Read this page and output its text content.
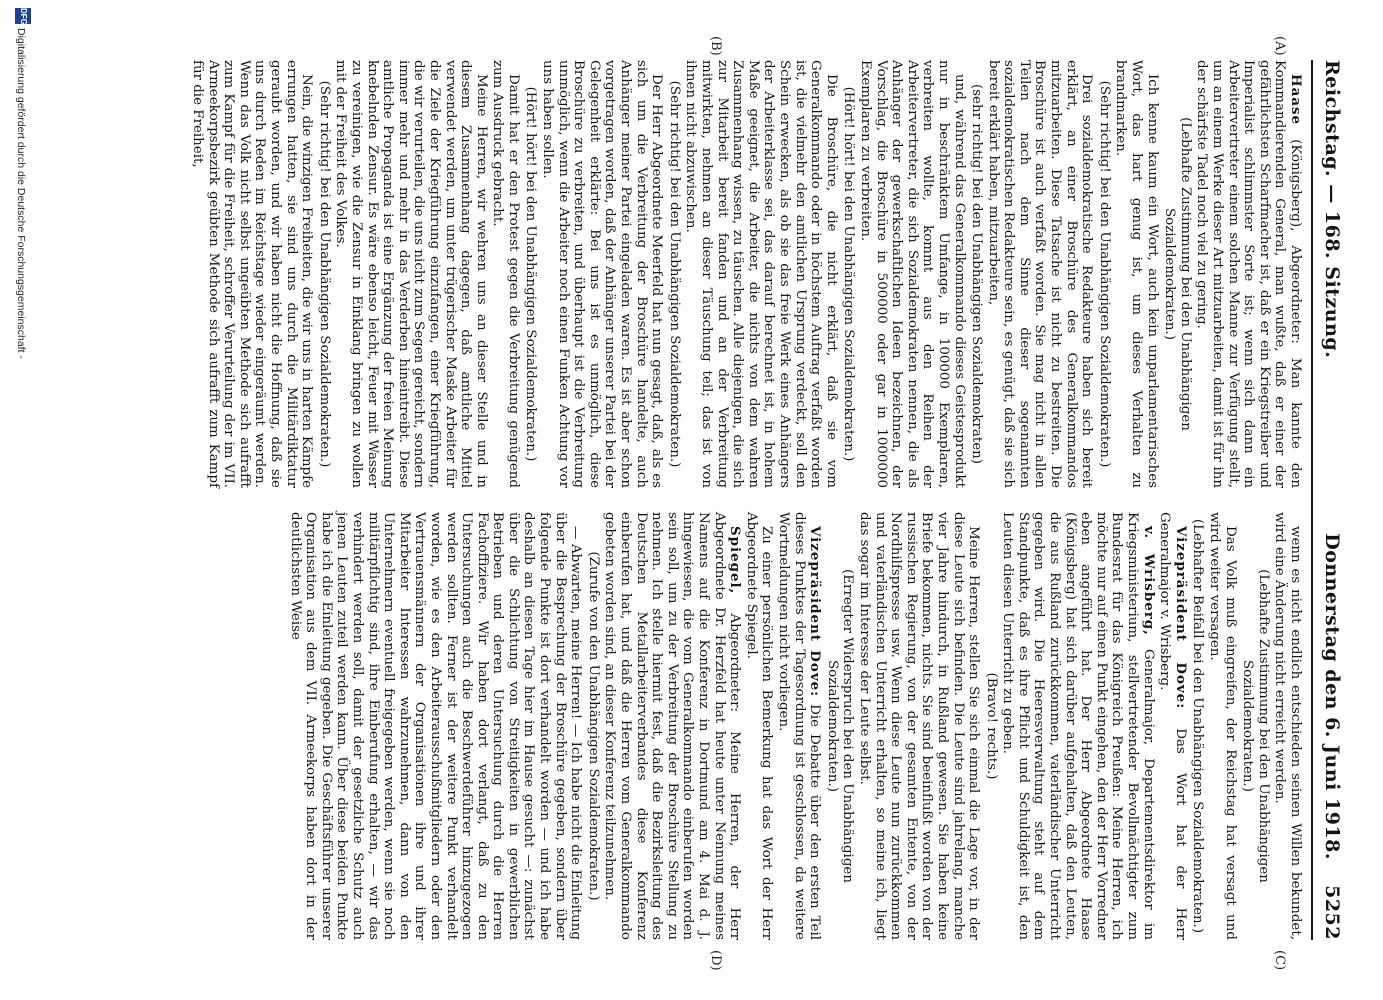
Reichstag. — 168. Sitzung.
Donnerstag den 6. Juni 1918. 5252
(A)
(B)
(C)
(D)

Haase (Königsberg), Abgeordneter: Man kannte den Kommandierenden General, man wußte, daß er einer der gefährlichsten Scharfmacher ist, daß er ein Kriegstreiber und Imperialist schlimmster Sorte ist; wenn sich dann ein Arbeitervertreter einem solchen Manne zur Verfügung stellt, um an einem Werke dieser Art mitzuarbeiten, damit ist für ihn der schärfste Tadel noch viel zu gering.

(Lebhafte Zustimmung bei den Unabhängigen Sozialdemokraten.)

Ich kenne kaum ein Wort, auch kein unparlamentarisches Wort, das hart genug ist, um dieses Verhalten zu brandmarken.

(Sehr richtig! bei den Unabhängigen Sozialdemokraten.)

Drei sozialdemokratische Redakteure haben sich bereit erklärt, an einer Broschüre des Generalkommandos mitzuarbeiten. Diese Tatsache ist nicht zu bestreiten. Die Broschüre ist auch verfaßt worden. Sie mag nicht in allen Teilen nach dem Sinne dieser sogenannten sozialdemokratischen Redakteure sein, es genügt, daß sie sich bereit erklärt haben, mitzuarbeiten,

(sehr richtig! bei den Unabhängigen Sozialdemokraten)

und, während das Generalkommando dieses Geistesprodukt nur in beschränktem Umfange, in 100000 Exemplaren, verbreiten wollte, kommt aus den Reihen der Arbeitervertreter, die sich Sozialdemokraten nennen, die als Anhänger der gewerkschaftlichen Ideen bezeichnen, der Vorschlag, die Broschüre in 500000 oder gar in 1000000 Exemplaren zu verbreiten.

(Hört! hört! bei den Unabhängigen Sozialdemokraten.)

Die Broschüre, die nicht erklärt, daß sie vom Generalkommando oder in höchstem Auftrag verfaßt worden ist, die vielmehr den amtlichen Ursprung verdeckt, soll den Schein erwecken, als ob sie das freie Werk eines Anhängers der Arbeiterklasse sei, das darauf berechnet ist, in hohem Maße geeignet, die Arbeiter, die nichts von dem wahren Zusammenhang wissen, zu täuschen. Alle diejenigen, die sich zur Mitarbeit bereit fanden und an der Verbreitung mitwirkten, nehmen an dieser Täuschung teil; das ist von ihnen nicht abzuwischen.

(Sehr richtig! bei den Unabhängigen Sozialdemokraten.)

Der Herr Abgeordnete Meerfeld hat nun gesagt, daß, als es sich um die Verbreitung der Broschüre handelte, auch Anhänger meiner Partei eingeladen waren. Es ist aber schon vorgetragen worden, daß der Anhänger unserer Partei bei der Gelegenheit erklärte: Bei uns ist es unmöglich, diese Broschüre zu verbreiten, und überhaupt ist die Verbreitung unmöglich, wenn die Arbeiter noch einen Funken Achtung vor uns haben sollen.

(Hört! hört! bei den Unabhängigen Sozialdemokraten.)

Damit hat er den Protest gegen die Verbreitung genügend zum Ausdruck gebracht.

Meine Herren, wir wehren uns an dieser Stelle und in diesem Zusammenhang dagegen, daß amtliche Mittel verwendet werden, um unter trügerischer Maske Arbeiter für die Ziele der Kriegführung einzufangen, einer Kriegführung, die wir verurteilen, die uns nicht zum Segen gereicht, sondern immer mehr und mehr in das Verderben hineintreibt. Diese amtliche Propaganda ist eine Ergänzung der freien Meinung knebelnden Zensur. Es wäre ebenso leicht, Feuer mit Wasser zu vereinigen, wie die Zensur in Einklang bringen zu wollen mit der Freiheit des Volkes.

(Sehr richtig! bei den Unabhängigen Sozialdemokraten.)

Nein, die winzigen Freiheiten, die wir uns in harten Kämpfe errungen hatten, sie sind uns durch die Militärdiktatur geraubt worden, und wir haben nicht die Hoffnung, daß sie uns durch Reden im Reichstage wieder eingeräumt werden. Wenn das Volk nicht selbst ungeübten Methode sich aufrafft zum Kampf für die Freiheit, schroffer Verurteilung der im VII. Armeekorpsbezirk geübten Methode sich aufrafft zum Kampf für die Freiheit,

wenn es nicht endlich entschieden seinen Willen bekundet, wird eine Änderung nicht erreicht werden.

(Lebhafte Zustimmung bei den Unabhängigen Sozialdemokraten.)

Das Volk muß eingreifen, der Reichstag hat versagt und wird weiter versagen.

(Lebhafter Beifall bei den Unabhängigen Sozialdemokraten.)

Vizepräsident Dove: Das Wort hat der Herr Generalmajor v. Wrisberg.

v. Wrisberg, Generalmajor, Departementsdirektor im Kriegsministerium, stellvertretender Bevollmächtigter zum Bundesrat für das Königreich Preußen: Meine Herren, ich möchte nur auf einen Punkt eingehen, den der Herr Vorredner eben angeführt hat. Der Herr Abgeordnete Haase (Königsberg) hat sich darüber aufgehalten, daß den Leuten, die aus Rußland zurückkommen, vaterländischer Unterricht gegeben wird. Die Heeresverwaltung steht auf dem Standpunkte, daß es ihre Pflicht und Schuldigkeit ist, den Leuten diesen Unterricht zu geben.

(Bravo! rechts.)

Meine Herren, stellen Sie sich einmal die Lage vor, in der diese Leute sich befinden. Die Leute sind jahrelang, manche vier Jahre hindurch, in Rußland gewesen. Sie haben keine Briefe bekommen, nichts. Sie sind beeinflußt worden von der russischen Regierung, von der gesamten Entente, von der Nordhilfspresse usw. Wenn diese Leute nun zurückkommen und vaterländischen Unterricht erhalten, so meine ich, liegt das sogar im Interesse der Leute selbst.

(Erregter Widerspruch bei den Unabhängigen Sozialdemokraten.)

Vizepräsident Dove: Die Debatte über den ersten Teil dieses Punktes der Tagesordnung ist geschlossen, da weitere Wortmeldungen nicht vorliegen.

Zu einer persönlichen Bemerkung hat das Wort der Herr Abgeordnete Spiegel.

Spiegel, Abgeordneter: Meine Herren, der Herr Abgeordnete Dr. Herzfeld hat heute unter Nennung meines Namens auf die Konferenz in Dortmund am 4. Mai d. J. hingewiesen, die vom Generalkommando einberufen worden sein soll, um zu der Verbreitung der Broschüre Stellung zu nehmen. Ich stelle hiermit fest, daß die Bezirksleitung des Deutschen Metallarbeiterverbandes diese Konferenz einberufen hat, und daß die Herren vom Generalkommando gebeten worden sind, an dieser Konferenz teilzunehmen.

(Zurufe von den Unabhängigen Sozialdemokraten.)

— Abwarten, meine Herren! — Ich habe nicht die Einleitung über die Besprechung der Broschüre gegeben, sondern über folgende Punkte ist dort verhandelt worden — und ich habe deshalb an diesen Tage hier im Hause gesucht —: zunächst über die Schlichtung von Streitigkeiten in gewerblichen Betrieben und deren Untersuchung durch die Herren Fachoffiziere. Wir haben dort verlangt, daß zu den Untersuchungen auch die Beschwerdeführer hinzugezogen werden sollten. Ferner ist der weitere Punkt verhandelt worden, wie es den Arbeiterausschußmitgliedern oder den Vertrauensmännern der Organisationen ihre und ihrer Mitarbeiter Interessen wahrzunehmen, dann von den Unternehmern eventuell freigegeben werden, wenn sie noch militärpflichtig sind, ihre Einberufung erhalten, — wir das verhindert werden soll, damit der gesetzliche Schutz auch jenen Leuten zuteil werden kann. Über diese beiden Punkte habe ich die Einleitung gegeben. Die Geschäftsführer unserer Organisation aus dem VII. Armeekorps haben dort in der deutlichsten Weise

DFG
Digitalisierung gefördert durch die Deutsche Forschungsgemeinschaft -
